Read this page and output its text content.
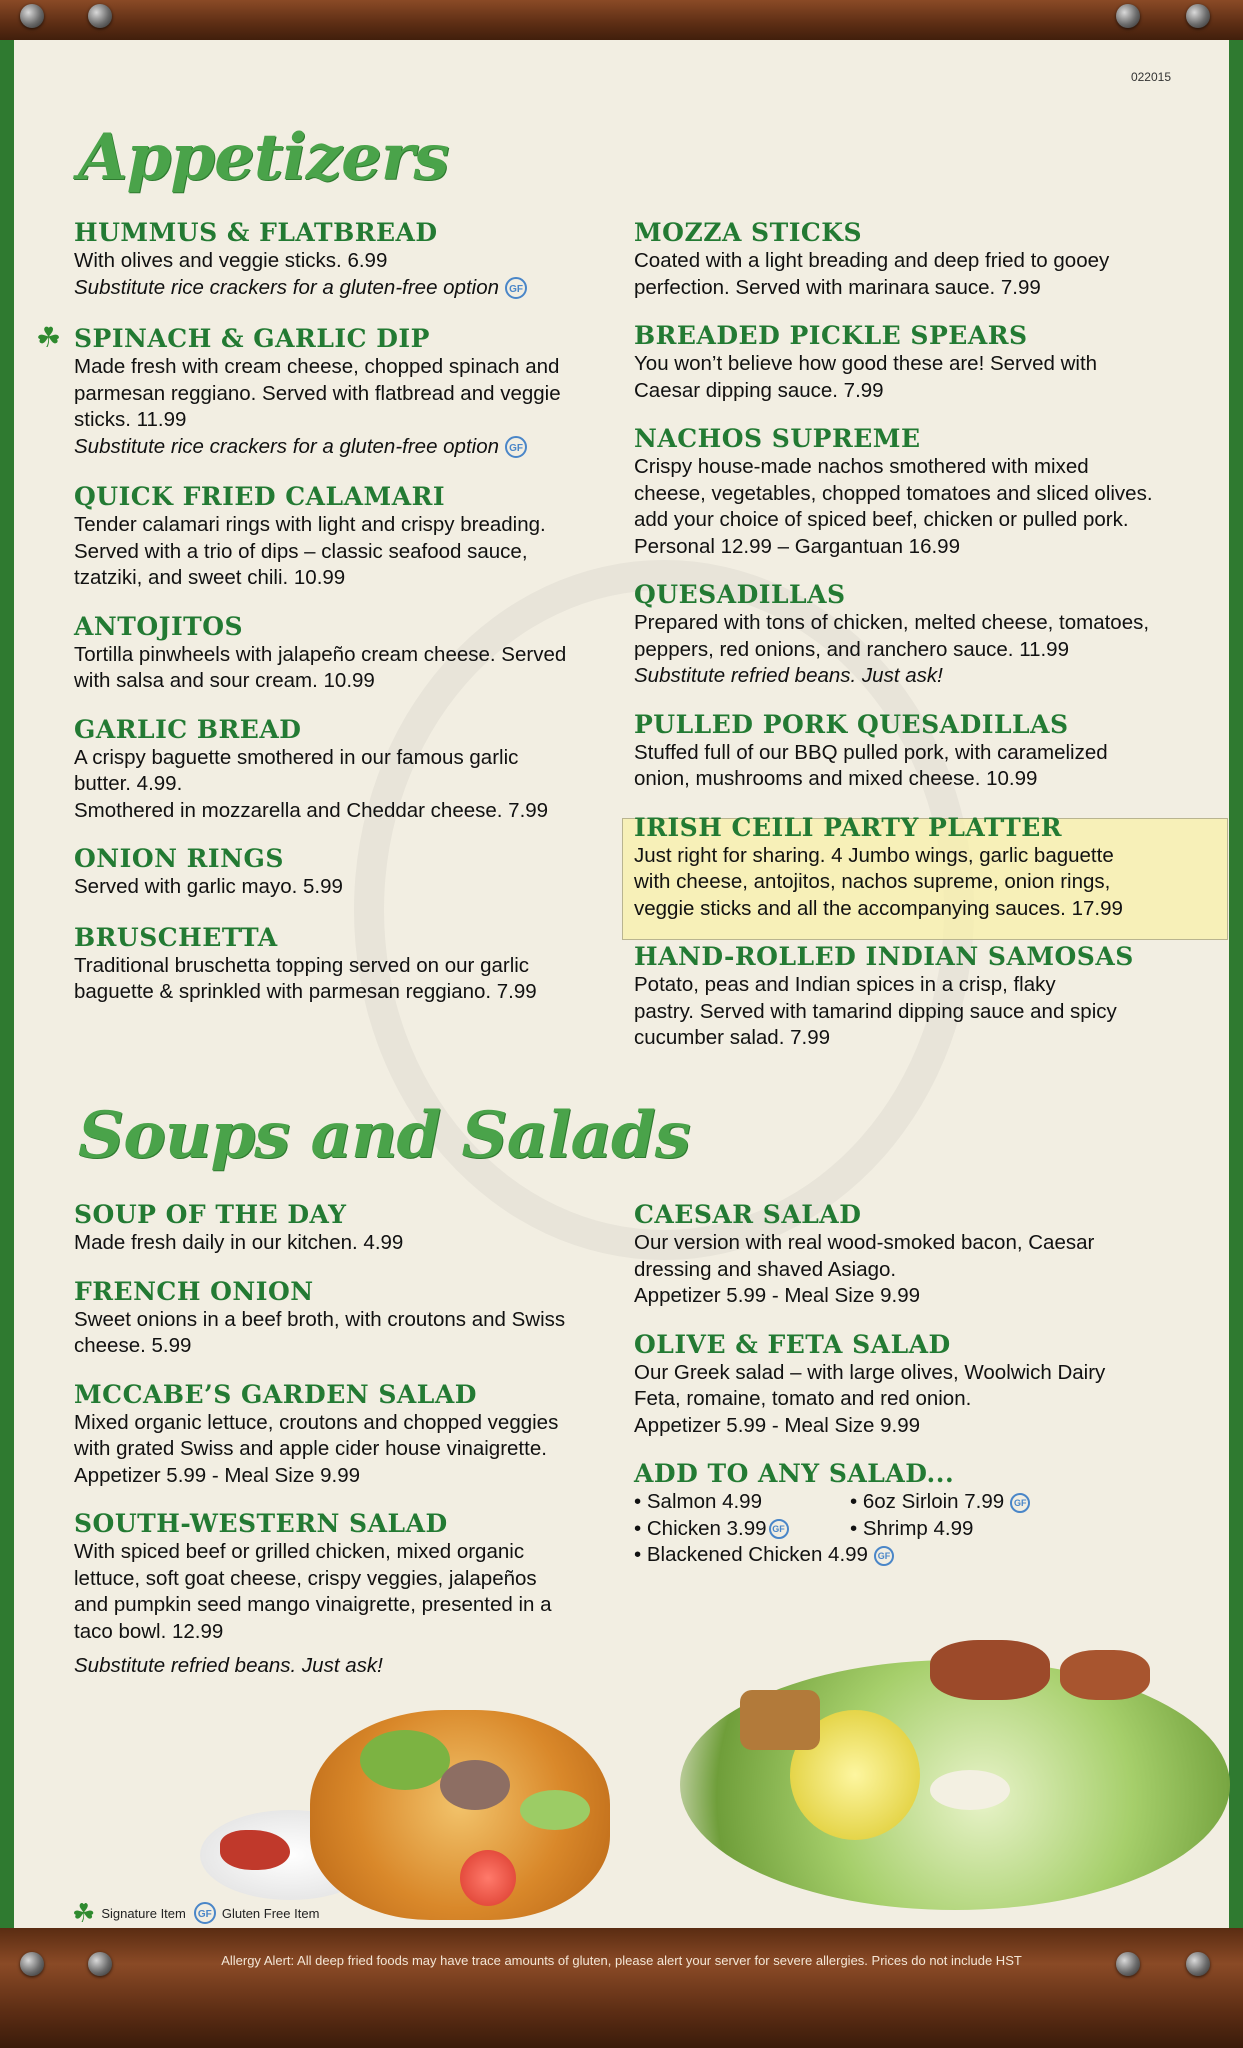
022015
Appetizers
HUMMUS & FLATBREAD

With olives and veggie sticks. 6.99

Substitute rice crackers for a gluten-free option GF

SPINACH & GARLIC DIP

Made fresh with cream cheese, chopped spinach and

parmesan reggiano. Served with flatbread and veggie

sticks. 11.99

Substitute rice crackers for a gluten-free option GF

QUICK FRIED CALAMARI

Tender calamari rings with light and crispy breading.

Served with a trio of dips – classic seafood sauce,

tzatziki, and sweet chili. 10.99

ANTOJITOS

Tortilla pinwheels with jalapeño cream cheese. Served

with salsa and sour cream. 10.99

GARLIC BREAD

A crispy baguette smothered in our famous garlic

butter. 4.99.

Smothered in mozzarella and Cheddar cheese. 7.99

ONION RINGS

Served with garlic mayo. 5.99

BRUSCHETTA

Traditional bruschetta topping served on our garlic

baguette & sprinkled with parmesan reggiano. 7.99

☘
MOZZA STICKS

Coated with a light breading and deep fried to gooey

perfection. Served with marinara sauce. 7.99

BREADED PICKLE SPEARS

You won’t believe how good these are! Served with

Caesar dipping sauce. 7.99

NACHOS SUPREME

Crispy house-made nachos smothered with mixed

cheese, vegetables, chopped tomatoes and sliced olives.

add your choice of spiced beef, chicken or pulled pork.

Personal 12.99 – Gargantuan 16.99

QUESADILLAS

Prepared with tons of chicken, melted cheese, tomatoes,

peppers, red onions, and ranchero sauce. 11.99

Substitute refried beans. Just ask!

PULLED PORK QUESADILLAS

Stuffed full of our BBQ pulled pork, with caramelized

onion, mushrooms and mixed cheese. 10.99

IRISH CEILI PARTY PLATTER

Just right for sharing. 4 Jumbo wings, garlic baguette

with cheese, antojitos, nachos supreme, onion rings,

veggie sticks and all the accompanying sauces. 17.99

HAND-ROLLED INDIAN SAMOSAS

Potato, peas and Indian spices in a crisp, flaky

pastry. Served with tamarind dipping sauce and spicy

cucumber salad. 7.99

Soups and Salads
SOUP OF THE DAY

Made fresh daily in our kitchen. 4.99

FRENCH ONION

Sweet onions in a beef broth, with croutons and Swiss

cheese. 5.99

MCCABE’S GARDEN SALAD

Mixed organic lettuce, croutons and chopped veggies

with grated Swiss and apple cider house vinaigrette.

Appetizer 5.99 - Meal Size 9.99

SOUTH-WESTERN SALAD

With spiced beef or grilled chicken, mixed organic

lettuce, soft goat cheese, crispy veggies, jalapeños

and pumpkin seed mango vinaigrette, presented in a

taco bowl. 12.99

Substitute refried beans. Just ask!

CAESAR SALAD

Our version with real wood-smoked bacon, Caesar

dressing and shaved Asiago.

Appetizer 5.99 - Meal Size 9.99

OLIVE & FETA SALAD

Our Greek salad – with large olives, Woolwich Dairy

Feta, romaine, tomato and red onion.

Appetizer 5.99 - Meal Size 9.99

ADD TO ANY SALAD...
• Salmon 4.99	• 6oz Sirloin 7.99 GF
• Chicken 3.99 GF	• Shrimp 4.99
• Blackened Chicken 4.99 GF
☘ Signature Item	GF Gluten Free Item
Allergy Alert: All deep fried foods may have trace amounts of gluten, please alert your server for severe allergies. Prices do not include HST
